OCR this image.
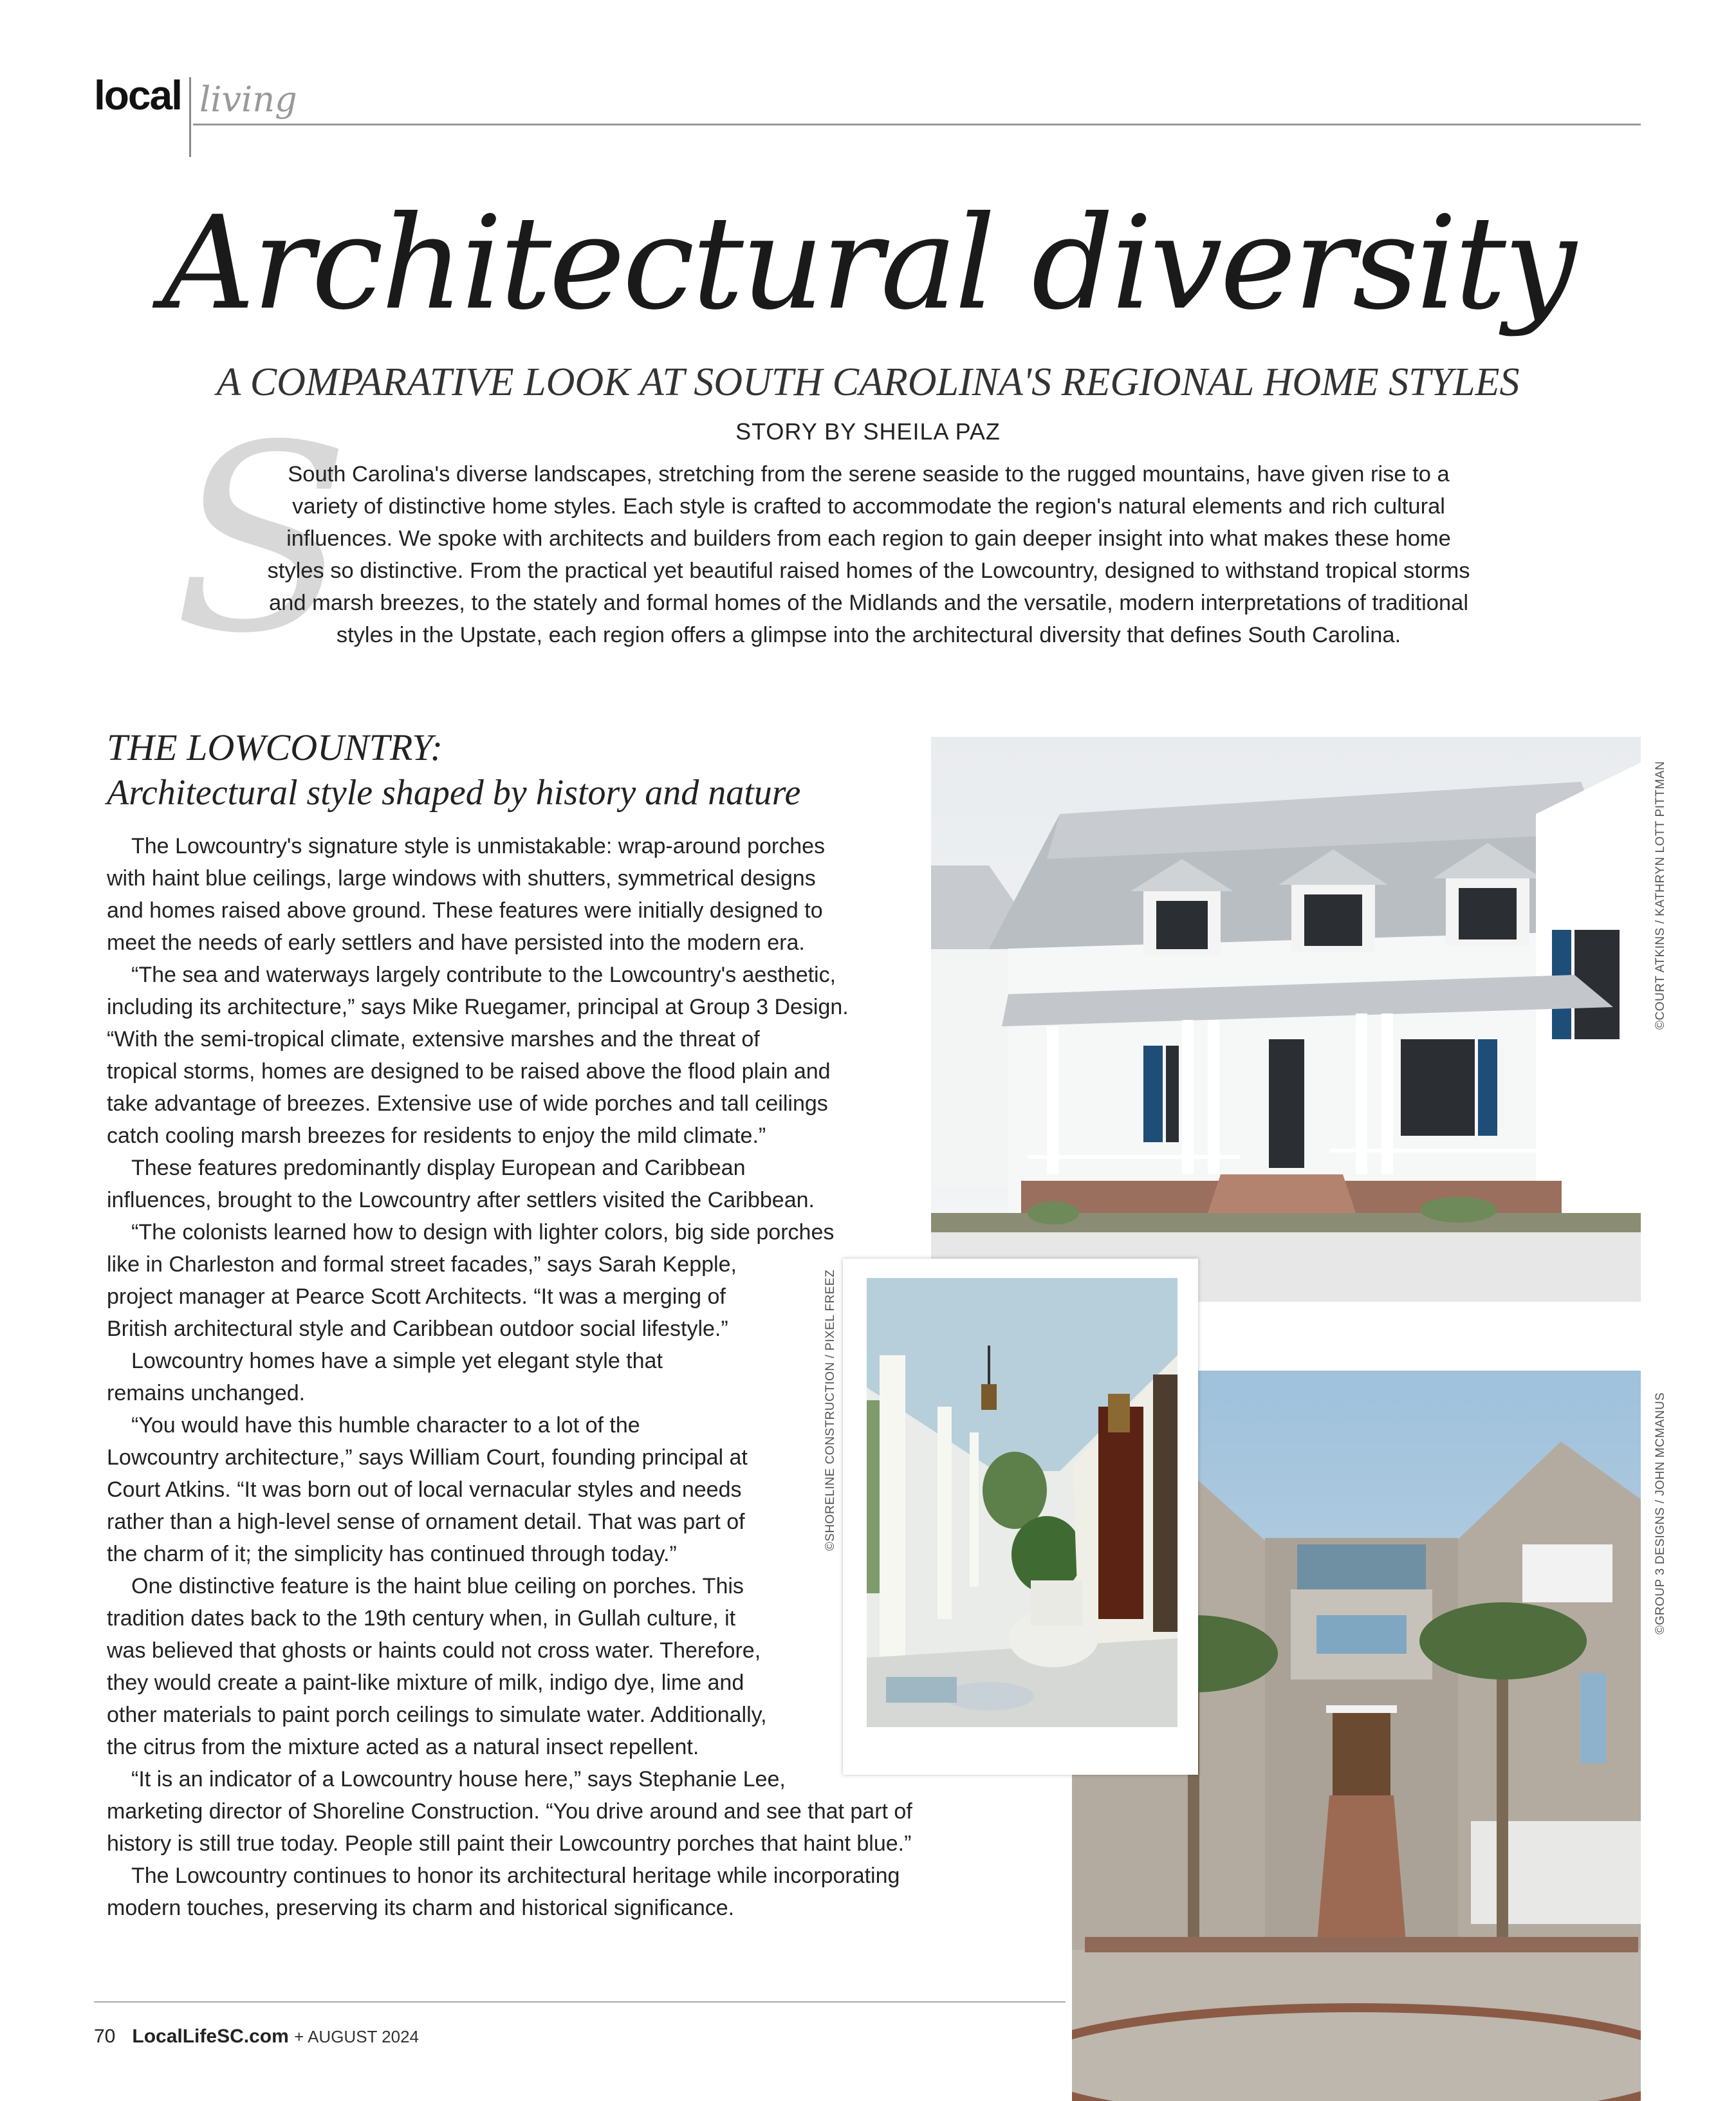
local living
Architectural diversity
A COMPARATIVE LOOK AT SOUTH CAROLINA'S REGIONAL HOME STYLES
STORY BY SHEILA PAZ
S
South Carolina's diverse landscapes, stretching from the serene seaside to the rugged mountains, have given rise to a
variety of distinctive home styles. Each style is crafted to accommodate the region's natural elements and rich cultural
influences. We spoke with architects and builders from each region to gain deeper insight into what makes these home
styles so distinctive. From the practical yet beautiful raised homes of the Lowcountry, designed to withstand tropical storms
and marsh breezes, to the stately and formal homes of the Midlands and the versatile, modern interpretations of traditional
styles in the Upstate, each region offers a glimpse into the architectural diversity that defines South Carolina.
THE LOWCOUNTRY:
Architectural style shaped by history and nature
The Lowcountry's signature style is unmistakable: wrap-around porches
with haint blue ceilings, large windows with shutters, symmetrical designs
and homes raised above ground. These features were initially designed to
meet the needs of early settlers and have persisted into the modern era.
“The sea and waterways largely contribute to the Lowcountry's aesthetic,
including its architecture,” says Mike Ruegamer, principal at Group 3 Design.
“With the semi-tropical climate, extensive marshes and the threat of
tropical storms, homes are designed to be raised above the flood plain and
take advantage of breezes. Extensive use of wide porches and tall ceilings
catch cooling marsh breezes for residents to enjoy the mild climate.”
These features predominantly display European and Caribbean
influences, brought to the Lowcountry after settlers visited the Caribbean.
“The colonists learned how to design with lighter colors, big side porches
like in Charleston and formal street facades,” says Sarah Kepple,
project manager at Pearce Scott Architects. “It was a merging of
British architectural style and Caribbean outdoor social lifestyle.”
Lowcountry homes have a simple yet elegant style that
remains unchanged.
“You would have this humble character to a lot of the
Lowcountry architecture,” says William Court, founding principal at
Court Atkins. “It was born out of local vernacular styles and needs
rather than a high-level sense of ornament detail. That was part of
the charm of it; the simplicity has continued through today.”
One distinctive feature is the haint blue ceiling on porches. This
tradition dates back to the 19th century when, in Gullah culture, it
was believed that ghosts or haints could not cross water. Therefore,
they would create a paint-like mixture of milk, indigo dye, lime and
other materials to paint porch ceilings to simulate water. Additionally,
the citrus from the mixture acted as a natural insect repellent.
“It is an indicator of a Lowcountry house here,” says Stephanie Lee,
marketing director of Shoreline Construction. “You drive around and see that part of
history is still true today. People still paint their Lowcountry porches that haint blue.”
The Lowcountry continues to honor its architectural heritage while incorporating
modern touches, preserving its charm and historical significance.
©COURT ATKINS / KATHRYN LOTT PITTMAN
©GROUP 3 DESIGNS / JOHN MCMANUS
©SHORELINE CONSTRUCTION / PIXEL FREEZ
70 LocalLifeSC.com + AUGUST 2024
